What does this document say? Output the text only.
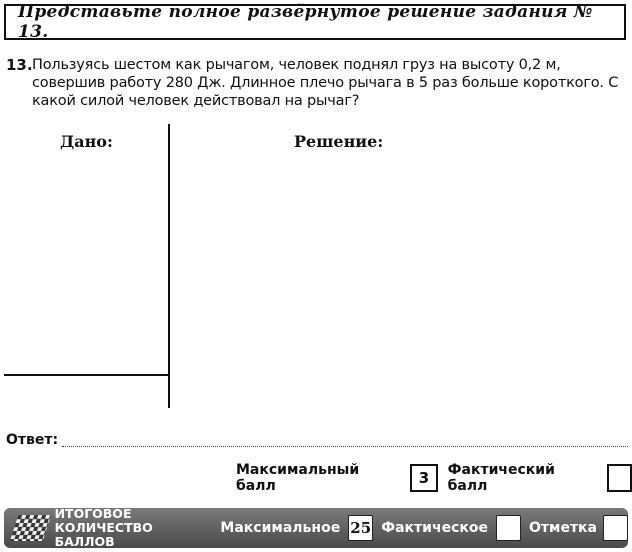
Представьте полное развёрнутое решение задания № 13.
13. Пользуясь шестом как рычагом, человек поднял груз на высоту 0,2 м, совершив работу 280 Дж. Длинное плечо рычага в 5 раз больше короткого. С какой силой человек действовал на рычаг?
Дано:	Решение:
Ответ:
Максимальный балл	3	Фактический балл
ИТОГОВОЕ
КОЛИЧЕСТВО БАЛЛОВ
Максимальное 25 Фактическое	Отметка
